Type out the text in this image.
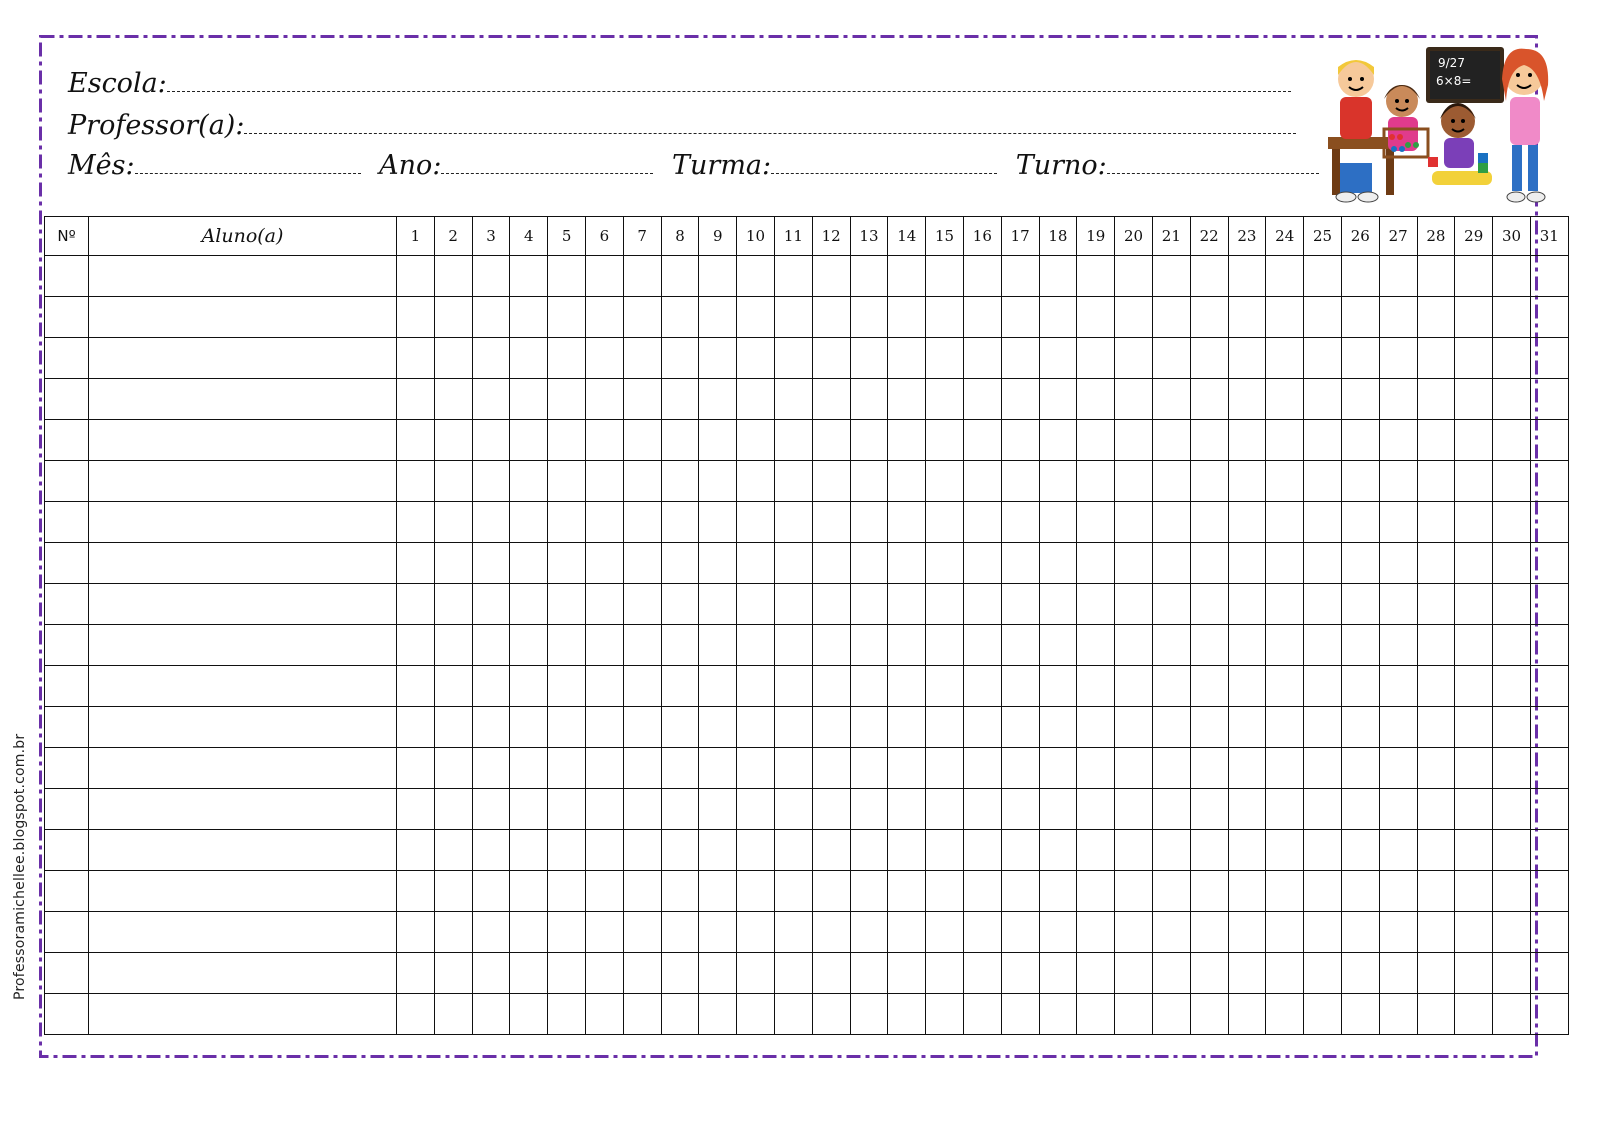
Escola:
Professor(a):
Mês:	Ano:	Turma:	Turno:
9/27
6×8=
Professoramichellee.blogspot.com.br
Nº	Aluno(a)	1	2	3	4	5	6	7	8	9	10	11	12	13	14	15	16	17	18	19	20	21	22	23	24	25	26	27	28	29	30	31
